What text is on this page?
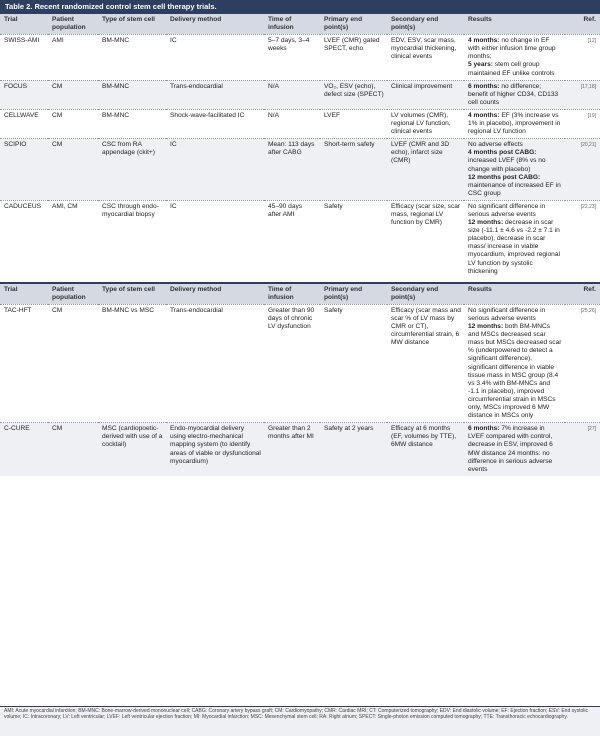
Table 2. Recent randomized control stem cell therapy trials.
Trial	Patient population	Type of stem cell	Delivery method	Time of infusion	Primary end point(s)	Secondary end point(s)	Results	Ref.
SWISS-AMI	AMI	BM-MNC	IC	5–7 days, 3–4 weeks	LVEF (CMR) gated SPECT, echo	EDV, ESV, scar mass, myocardial thickening, clinical events	4 months: no change in EF with either infusion time group months;
5 years: stem cell group maintained EF unlike controls	[12]
FOCUS	CM	BM-MNC	Trans-endocardial	N/A	VO₂, ESV (echo), defect size (SPECT)	Clinical improvement	6 months: no difference; benefit of higher CD34, CD133 cell counts	[17,18]
CELLWAVE	CM	BM-MNC	Shock-wave-facilitated IC	N/A	LVEF	LV volumes (CMR), regional LV function, clinical events	4 months: EF (3% increase vs 1% in placebo), improvement in regional LV function	[19]
SCIPIO	CM	CSC from RA appendage (ckit+)	IC	Mean: 113 days after CABG	Short-term safety	LVEF (CMR and 3D echo), infarct size (CMR)	No adverse effects
4 months post CABG: increased LVEF (8% vs no change with placebo)
12 months post CABG: maintenance of increased EF in CSC group	[20,21]
CADUCEUS	AMI, CM	CSC through endo-myocardial biopsy	IC	45–90 days after AMI	Safety	Efficacy (scar size, scar mass, regional LV function by CMR)	No significant difference in serious adverse events
12 months: decrease in scar size (-11.1 ± 4.6 vs -2.2 ± 7.1 in placebo), decrease in scar mass/ increase in viable myocardium, improved regional LV function by systolic thickening	[22,23]
Trial	Patient population	Type of stem cell	Delivery method	Time of infusion	Primary end point(s)	Secondary end point(s)	Results	Ref.
TAC-HFT	CM	BM-MNC vs MSC	Trans-endocardial	Greater than 90 days of chronic LV dysfunction	Safety	Efficacy (scar mass and scar % of LV mass by CMR or CT), circumferential strain, 6 MW distance	No significant difference in serious adverse events
12 months: both BM-MNCs and MSCs decreased scar mass but MSCs decreased scar % (underpowered to detect a significant difference), significant difference in viable tissue mass in MSC group (8.4 vs 3.4% with BM-MNCs and -1.1 in placebo), improved circumferential strain in MSCs only, MSCs improved 6 MW distance in MSCs only	[25,26]
C-CURE	CM	MSC (cardiopoetic-derived with use of a cocktail)	Endo-myocardial delivery using electro-mechanical mapping system (to identify areas of viable or dysfunctional myocardium)	Greater than 2 months after MI	Safety at 2 years	Efficacy at 6 months (EF, volumes by TTE), 6MW distance	6 months: 7% increase in LVEF compared with control, decrease in ESV, improved 6 MW distance 24 months: no difference in serious adverse events	[27]
AMI: Acute myocardial infarction; BM-MNC: Bone-marrow-derived mononuclear cell; CABG: Coronary artery bypass graft; CM: Cardiomyopathy; CMR: Cardiac MRI; CT: Computerized tomography; EDV: End diastolic volume; EF: Ejection fraction; ESV: End systolic volume; IC: Intracoronary; LV: Left ventricular; LVEF: Left ventricular ejection fraction; MI: Myocardial infarction; MSC: Mesenchymal stem cell; RA: Right atrium; SPECT: Single-photon emission computed tomography; TTE: Transthoracic echocardiography.
